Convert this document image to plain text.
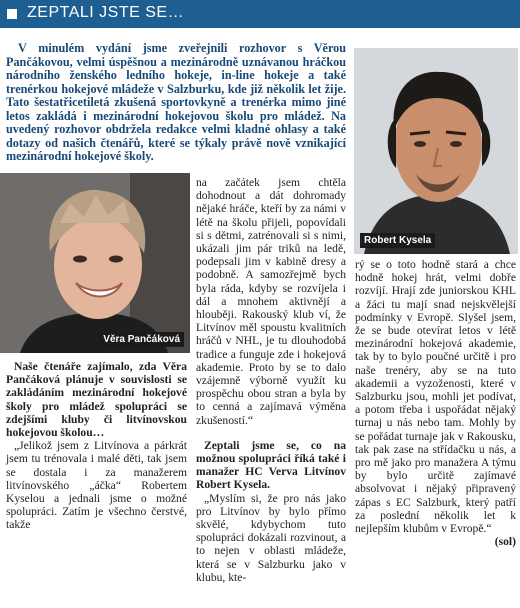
ZEPTALI JSTE SE…
V minulém vydání jsme zveřejnili rozhovor s Věrou Pančákovou, velmi úspěšnou a mezinárodně uznávanou hráčkou národního ženského ledního hokeje, in-line hokeje a také trenérkou hokejové mládeže v Salzburku, kde již několik let žije. Tato šestatřicetiletá zkušená sportovkyně a trenérka mimo jiné letos zakládá i mezinárodní hokejovou školu pro mládež. Na uvedený rozhovor obdržela redakce velmi kladné ohlasy a také dotazy od našich čtenářů, které se týkaly právě nově vznikající mezinárodní hokejové školy.
Robert Kysela
Věra Pančáková

Naše čtenáře zajímalo, zda Věra Pančáková plánuje v souvislosti se zakládáním mezinárodní hokejové školy pro mládež spolupráci se zdejšími kluby či litvínovskou hokejovou školou…

„Jelikož jsem z Litvínova a párkrát jsem tu trénovala i malé děti, tak jsem se dostala i za manažerem litvínovského „áčka“ Robertem Kyselou a jednali jsme o možné spolupráci. Zatím je všechno čerstvé, takže

na začátek jsem chtěla dohodnout a dát dohromady nějaké hráče, kteří by za námi v létě na školu přijeli, popovídali si s dětmi, zatrénovali si s nimi, ukázali jim pár triků na ledě, podepsali jim v kabině dresy a podobně. A samozřejmě bych byla ráda, kdyby se rozvíjela i dál a mnohem aktivnějí a hlouběji. Rakouský klub ví, že Litvínov měl spoustu kvalitních hráčů v NHL, je tu dlouhodobá tradice a funguje zde i hokejová akademie. Proto by se to dalo vzájemně výborně využít ku prospěchu obou stran a byla by to cenná a zajímavá výměna zkušeností.“

Zeptali jsme se, co na možnou spolupráci říká také i manažer HC Verva Litvínov Robert Kysela.

„Myslím si, že pro nás jako pro Litvínov by bylo přímo skvělé, kdybychom tuto spolupráci dokázali rozvinout, a to nejen v oblasti mládeže, která se v Salzburku jako v klubu, kte-

rý se o toto hodně stará a chce hodně hokej hrát, velmi dobře rozvíjí. Hrají zde juniorskou KHL a žáci tu mají snad nejskvělejší podmínky v Evropě. Slyšel jsem, že se bude otevírat letos v létě mezinárodní hokejová akademie, tak by to bylo poučné určitě i pro naše trenéry, aby se na tuto akademii a vyzoženosti, které v Salzburku jsou, mohli jet podívat, a potom třeba i uspořádat nějaký turnaj u nás nebo tam. Mohly by se pořádat turnaje jak v Rakousku, tak pak zase na střídačku u nás, a pro mě jako pro manažera A týmu by bylo určitě zajímavé absolvovat i nějaký připravený zápas s EC Salzburk, který patří za poslední několik let k nejlepším klubům v Evropě.“

(sol)
